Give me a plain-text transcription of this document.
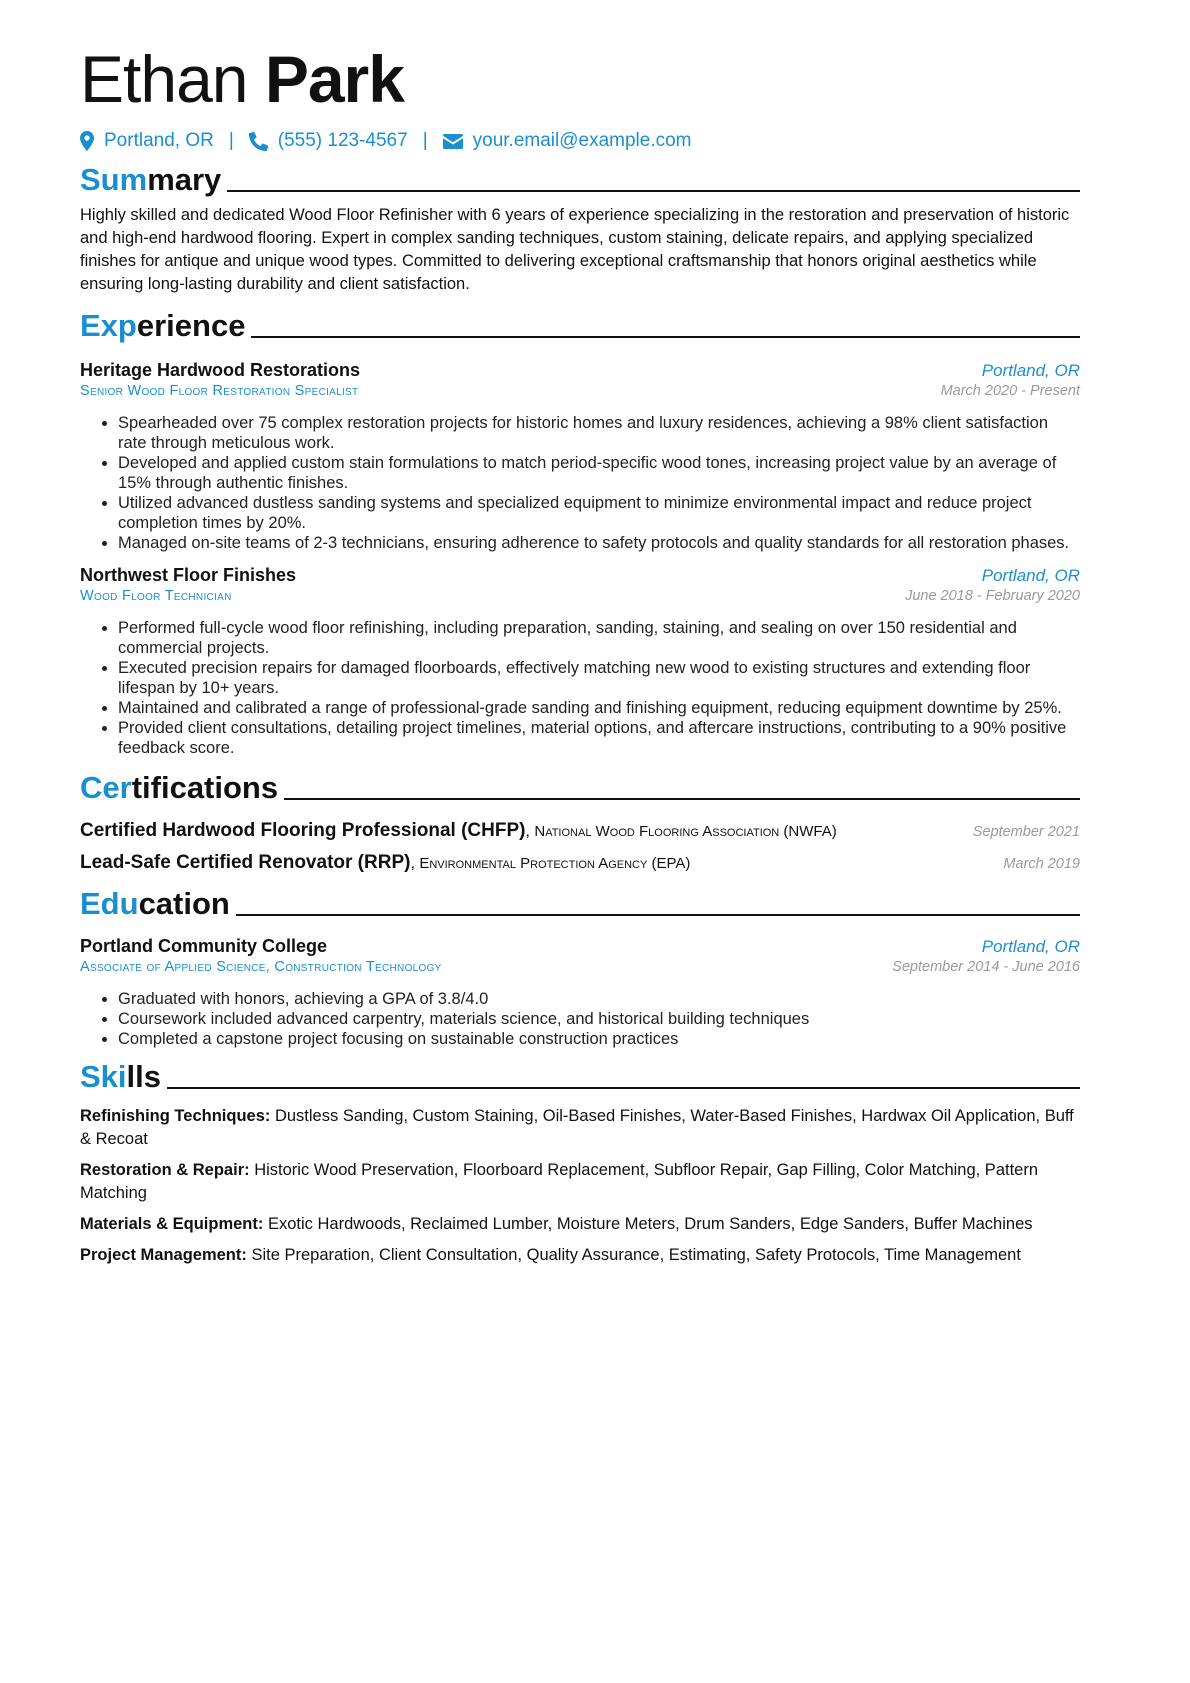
Ethan Park
Portland, OR | (555) 123-4567 | your.email@example.com
Summary

Highly skilled and dedicated Wood Floor Refinisher with 6 years of experience specializing in the restoration and preservation of historic and high-end hardwood flooring. Expert in complex sanding techniques, custom staining, delicate repairs, and applying specialized finishes for antique and unique wood types. Committed to delivering exceptional craftsmanship that honors original aesthetics while ensuring long-lasting durability and client satisfaction.

Experience
Heritage Hardwood Restorations	Portland, OR
Senior Wood Floor Restoration Specialist	March 2020 - Present
• Spearheaded over 75 complex restoration projects for historic homes and luxury residences, achieving a 98% client satisfaction rate through meticulous work.
• Developed and applied custom stain formulations to match period-specific wood tones, increasing project value by an average of 15% through authentic finishes.
• Utilized advanced dustless sanding systems and specialized equipment to minimize environmental impact and reduce project completion times by 20%.
• Managed on-site teams of 2-3 technicians, ensuring adherence to safety protocols and quality standards for all restoration phases.
Northwest Floor Finishes	Portland, OR
Wood Floor Technician	June 2018 - February 2020
• Performed full-cycle wood floor refinishing, including preparation, sanding, staining, and sealing on over 150 residential and commercial projects.
• Executed precision repairs for damaged floorboards, effectively matching new wood to existing structures and extending floor lifespan by 10+ years.
• Maintained and calibrated a range of professional-grade sanding and finishing equipment, reducing equipment downtime by 25%.
• Provided client consultations, detailing project timelines, material options, and aftercare instructions, contributing to a 90% positive feedback score.
Certifications
Certified Hardwood Flooring Professional (CHFP), National Wood Flooring Association (NWFA)	September 2021
Lead-Safe Certified Renovator (RRP), Environmental Protection Agency (EPA)	March 2019
Education
Portland Community College	Portland, OR
Associate of Applied Science, Construction Technology	September 2014 - June 2016
• Graduated with honors, achieving a GPA of 3.8/4.0
• Coursework included advanced carpentry, materials science, and historical building techniques
• Completed a capstone project focusing on sustainable construction practices
Skills
Refinishing Techniques: Dustless Sanding, Custom Staining, Oil-Based Finishes, Water-Based Finishes, Hardwax Oil Application, Buff & Recoat
Restoration & Repair: Historic Wood Preservation, Floorboard Replacement, Subfloor Repair, Gap Filling, Color Matching, Pattern Matching
Materials & Equipment: Exotic Hardwoods, Reclaimed Lumber, Moisture Meters, Drum Sanders, Edge Sanders, Buffer Machines
Project Management: Site Preparation, Client Consultation, Quality Assurance, Estimating, Safety Protocols, Time Management
